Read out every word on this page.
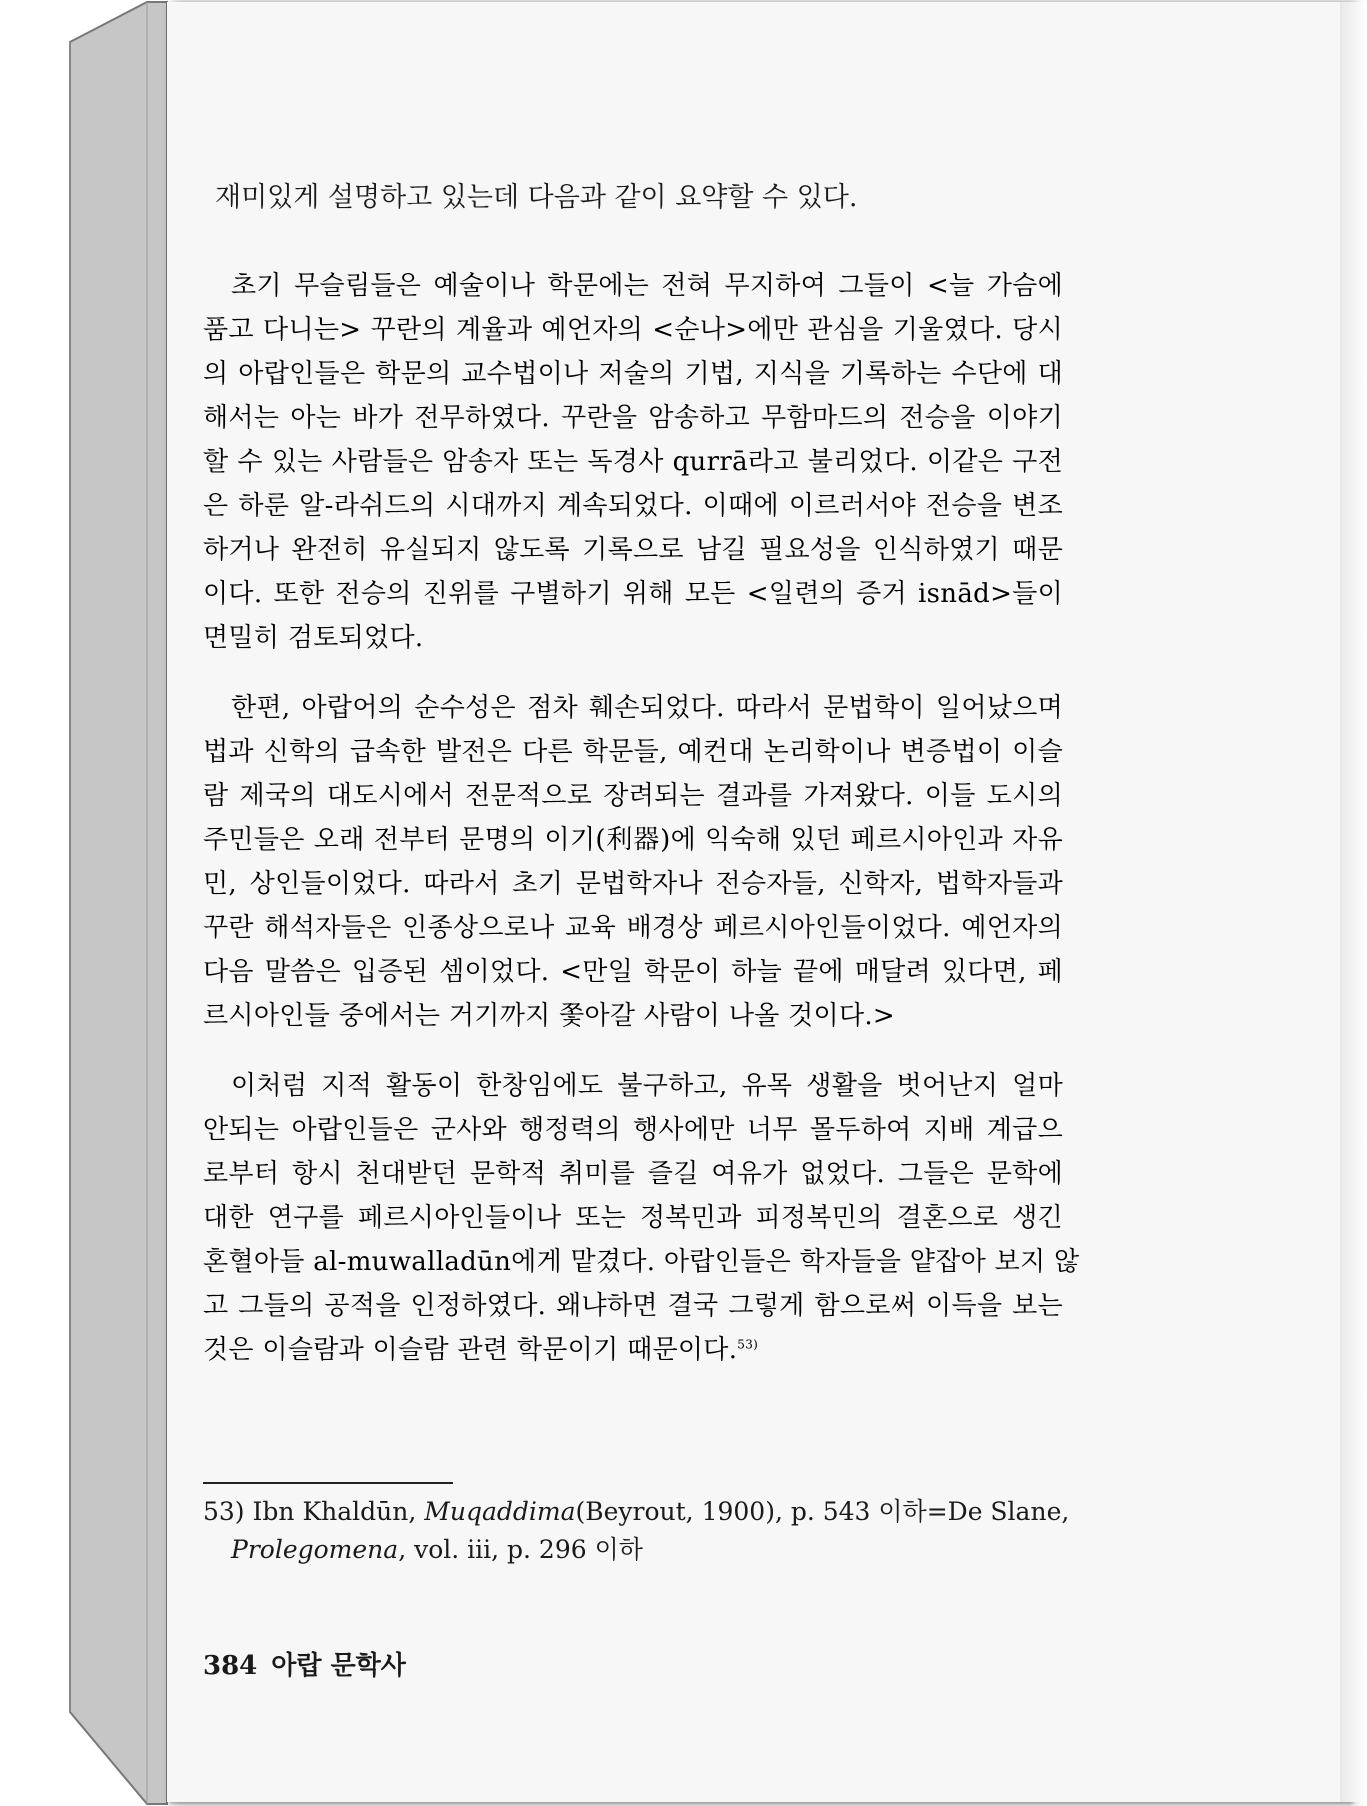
재미있게 설명하고 있는데 다음과 같이 요약할 수 있다.
초기 무슬림들은 예술이나 학문에는 전혀 무지하여 그들이 <늘 가슴에
품고 다니는> 꾸란의 계율과 예언자의 <순나>에만 관심을 기울였다. 당시
의 아랍인들은 학문의 교수법이나 저술의 기법, 지식을 기록하는 수단에 대
해서는 아는 바가 전무하였다. 꾸란을 암송하고 무함마드의 전승을 이야기
할 수 있는 사람들은 암송자 또는 독경사 qurrā라고 불리었다. 이같은 구전
은 하룬 알-라쉬드의 시대까지 계속되었다. 이때에 이르러서야 전승을 변조
하거나 완전히 유실되지 않도록 기록으로 남길 필요성을 인식하였기 때문
이다. 또한 전승의 진위를 구별하기 위해 모든 <일련의 증거 isnād>들이
면밀히 검토되었다.
한편, 아랍어의 순수성은 점차 훼손되었다. 따라서 문법학이 일어났으며
법과 신학의 급속한 발전은 다른 학문들, 예컨대 논리학이나 변증법이 이슬
람 제국의 대도시에서 전문적으로 장려되는 결과를 가져왔다. 이들 도시의
주민들은 오래 전부터 문명의 이기(利器)에 익숙해 있던 페르시아인과 자유
민, 상인들이었다. 따라서 초기 문법학자나 전승자들, 신학자, 법학자들과
꾸란 해석자들은 인종상으로나 교육 배경상 페르시아인들이었다. 예언자의
다음 말씀은 입증된 셈이었다. <만일 학문이 하늘 끝에 매달려 있다면, 페
르시아인들 중에서는 거기까지 쫓아갈 사람이 나올 것이다.>
이처럼 지적 활동이 한창임에도 불구하고, 유목 생활을 벗어난지 얼마
안되는 아랍인들은 군사와 행정력의 행사에만 너무 몰두하여 지배 계급으
로부터 항시 천대받던 문학적 취미를 즐길 여유가 없었다. 그들은 문학에
대한 연구를 페르시아인들이나 또는 정복민과 피정복민의 결혼으로 생긴
혼혈아들 al-muwalladūn에게 맡겼다. 아랍인들은 학자들을 얕잡아 보지 않
고 그들의 공적을 인정하였다. 왜냐하면 결국 그렇게 함으로써 이득을 보는
것은 이슬람과 이슬람 관련 학문이기 때문이다.$^{53)}$
53) Ibn Khaldūn, Muqaddima(Beyrout, 1900), p. 543 이하=De Slane,
Prolegomena, vol. iii, p. 296 이하
384 아랍 문학사
